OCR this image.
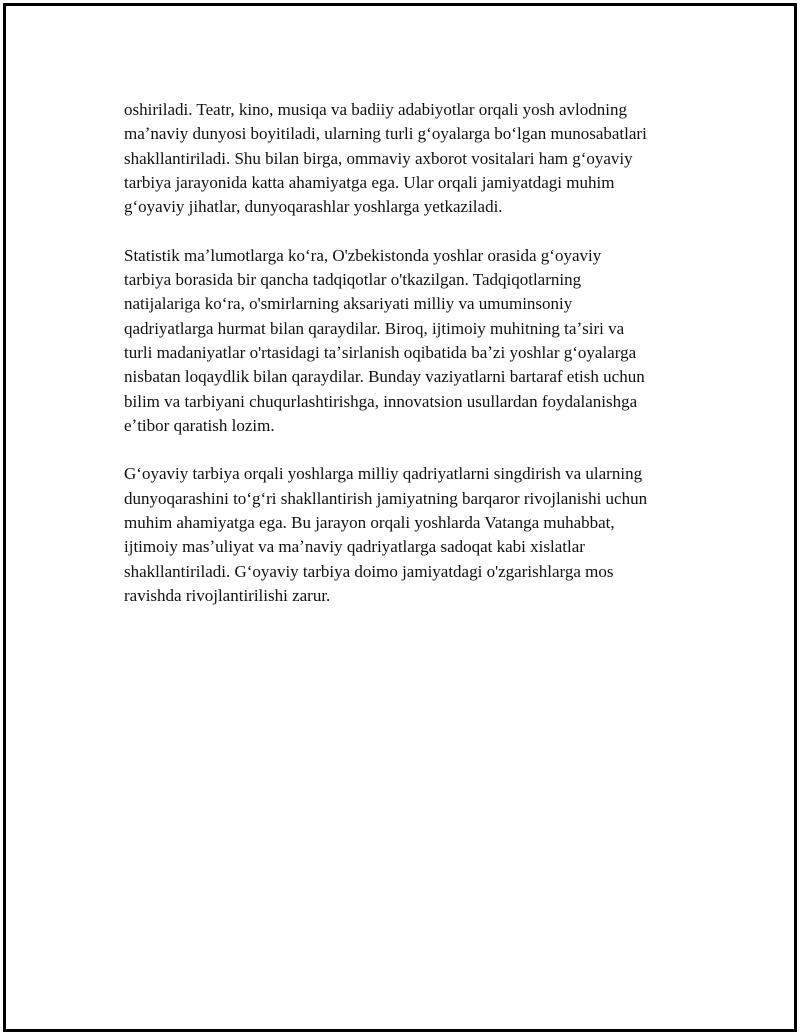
oshiriladi. Teatr, kino, musiqa va badiiy adabiyotlar orqali yosh avlodning
maʼnaviy dunyosi boyitiladi, ularning turli gʻoyalarga boʻlgan munosabatlari
shakllantiriladi. Shu bilan birga, ommaviy axborot vositalari ham gʻoyaviy
tarbiya jarayonida katta ahamiyatga ega. Ular orqali jamiyatdagi muhim
gʻoyaviy jihatlar, dunyoqarashlar yoshlarga yetkaziladi.

Statistik maʼlumotlarga koʻra, O'zbekistonda yoshlar orasida gʻoyaviy
tarbiya borasida bir qancha tadqiqotlar o'tkazilgan. Tadqiqotlarning
natijalariga koʻra, o'smirlarning aksariyati milliy va umuminsoniy
qadriyatlarga hurmat bilan qaraydilar. Biroq, ijtimoiy muhitning taʼsiri va
turli madaniyatlar o'rtasidagi taʼsirlanish oqibatida baʼzi yoshlar gʻoyalarga
nisbatan loqaydlik bilan qaraydilar. Bunday vaziyatlarni bartaraf etish uchun
bilim va tarbiyani chuqurlashtirishga, innovatsion usullardan foydalanishga
eʼtibor qaratish lozim.

Gʻoyaviy tarbiya orqali yoshlarga milliy qadriyatlarni singdirish va ularning
dunyoqarashini toʻgʻri shakllantirish jamiyatning barqaror rivojlanishi uchun
muhim ahamiyatga ega. Bu jarayon orqali yoshlarda Vatanga muhabbat,
ijtimoiy masʼuliyat va maʼnaviy qadriyatlarga sadoqat kabi xislatlar
shakllantiriladi. Gʻoyaviy tarbiya doimo jamiyatdagi o'zgarishlarga mos
ravishda rivojlantirilishi zarur.
